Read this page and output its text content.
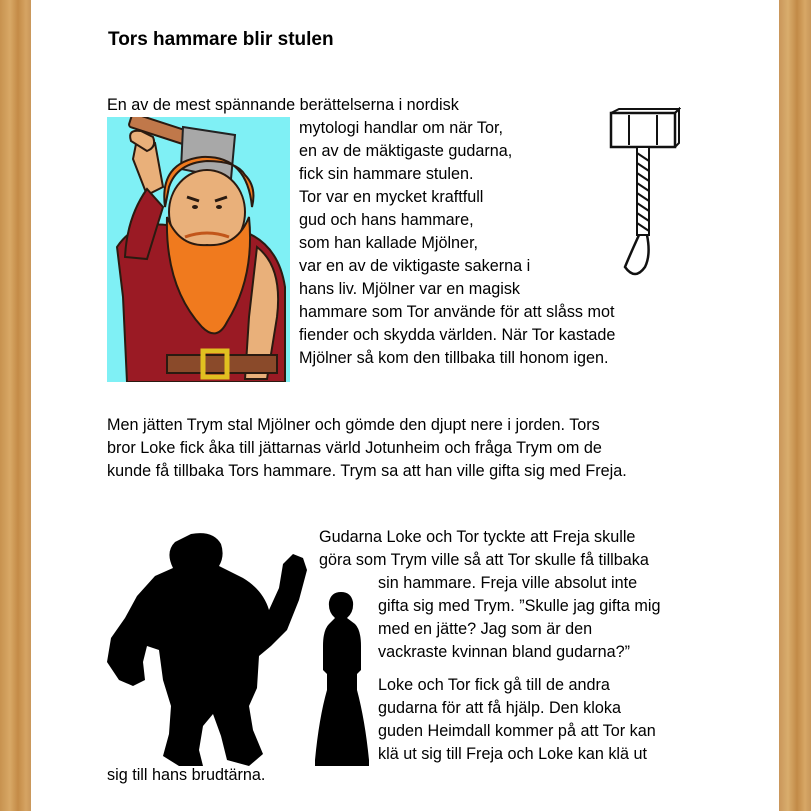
Tors hammare blir stulen

En av de mest spännande berättelserna i nordisk

mytologi handlar om när Tor,

en av de mäktigaste gudarna,

fick sin hammare stulen.

Tor var en mycket kraftfull

gud och hans hammare,

som han kallade Mjölner,

var en av de viktigaste sakerna i

hans liv. Mjölner var en magisk

hammare som Tor använde för att slåss mot

fiender och skydda världen. När Tor kastade

Mjölner så kom den tillbaka till honom igen.

Men jätten Trym stal Mjölner och gömde den djupt nere i jorden. Tors

bror Loke fick åka till jättarnas värld Jotunheim och fråga Trym om de

kunde få tillbaka Tors hammare. Trym sa att han ville gifta sig med Freja.

Gudarna Loke och Tor tyckte att Freja skulle

göra som Trym ville så att Tor skulle få tillbaka

sin hammare. Freja ville absolut inte

gifta sig med Trym. ”Skulle jag gifta mig

med en jätte? Jag som är den

vackraste kvinnan bland gudarna?”

Loke och Tor fick gå till de andra

gudarna för att få hjälp. Den kloka

guden Heimdall kommer på att Tor kan

klä ut sig till Freja och Loke kan klä ut

sig till hans brudtärna.
